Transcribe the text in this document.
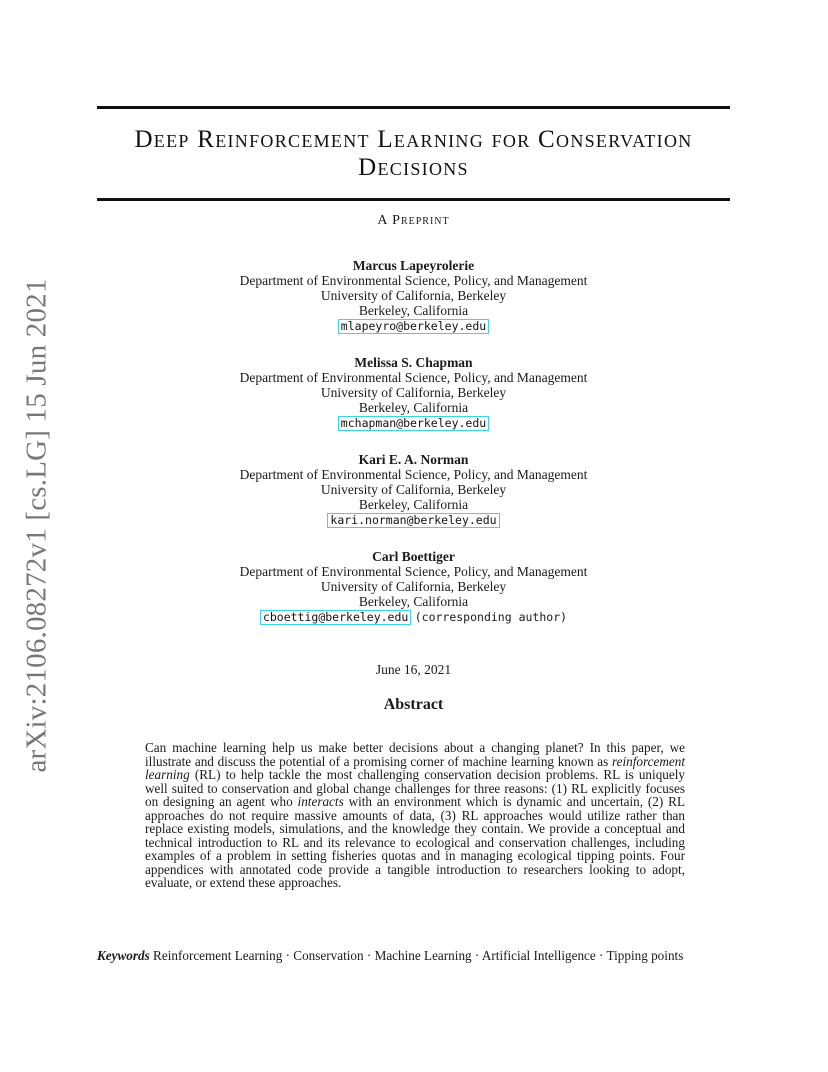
arXiv:2106.08272v1 [cs.LG] 15 Jun 2021
Deep Reinforcement Learning for Conservation
Decisions
A Preprint
Marcus Lapeyrolerie
Department of Environmental Science, Policy, and Management
University of California, Berkeley
Berkeley, California
mlapeyro@berkeley.edu
Melissa S. Chapman
Department of Environmental Science, Policy, and Management
University of California, Berkeley
Berkeley, California
mchapman@berkeley.edu
Kari E. A. Norman
Department of Environmental Science, Policy, and Management
University of California, Berkeley
Berkeley, California
kari.norman@berkeley.edu
Carl Boettiger
Department of Environmental Science, Policy, and Management
University of California, Berkeley
Berkeley, California
cboettig@berkeley.edu (corresponding author)
June 16, 2021
Abstract

Can machine learning help us make better decisions about a changing planet? In this paper, we illustrate and discuss the potential of a promising corner of machine learning known as reinforcement learning (RL) to help tackle the most challenging conservation decision problems. RL is uniquely well suited to conservation and global change challenges for three reasons: (1) RL explicitly focuses on designing an agent who interacts with an environment which is dynamic and uncertain, (2) RL approaches do not require massive amounts of data, (3) RL approaches would utilize rather than replace existing models, simulations, and the knowledge they contain. We provide a conceptual and technical introduction to RL and its relevance to ecological and conservation challenges, including examples of a problem in setting fisheries quotas and in managing ecological tipping points. Four appendices with annotated code provide a tangible introduction to researchers looking to adopt, evaluate, or extend these approaches.

Keywords Reinforcement Learning · Conservation · Machine Learning · Artificial Intelligence · Tipping points
